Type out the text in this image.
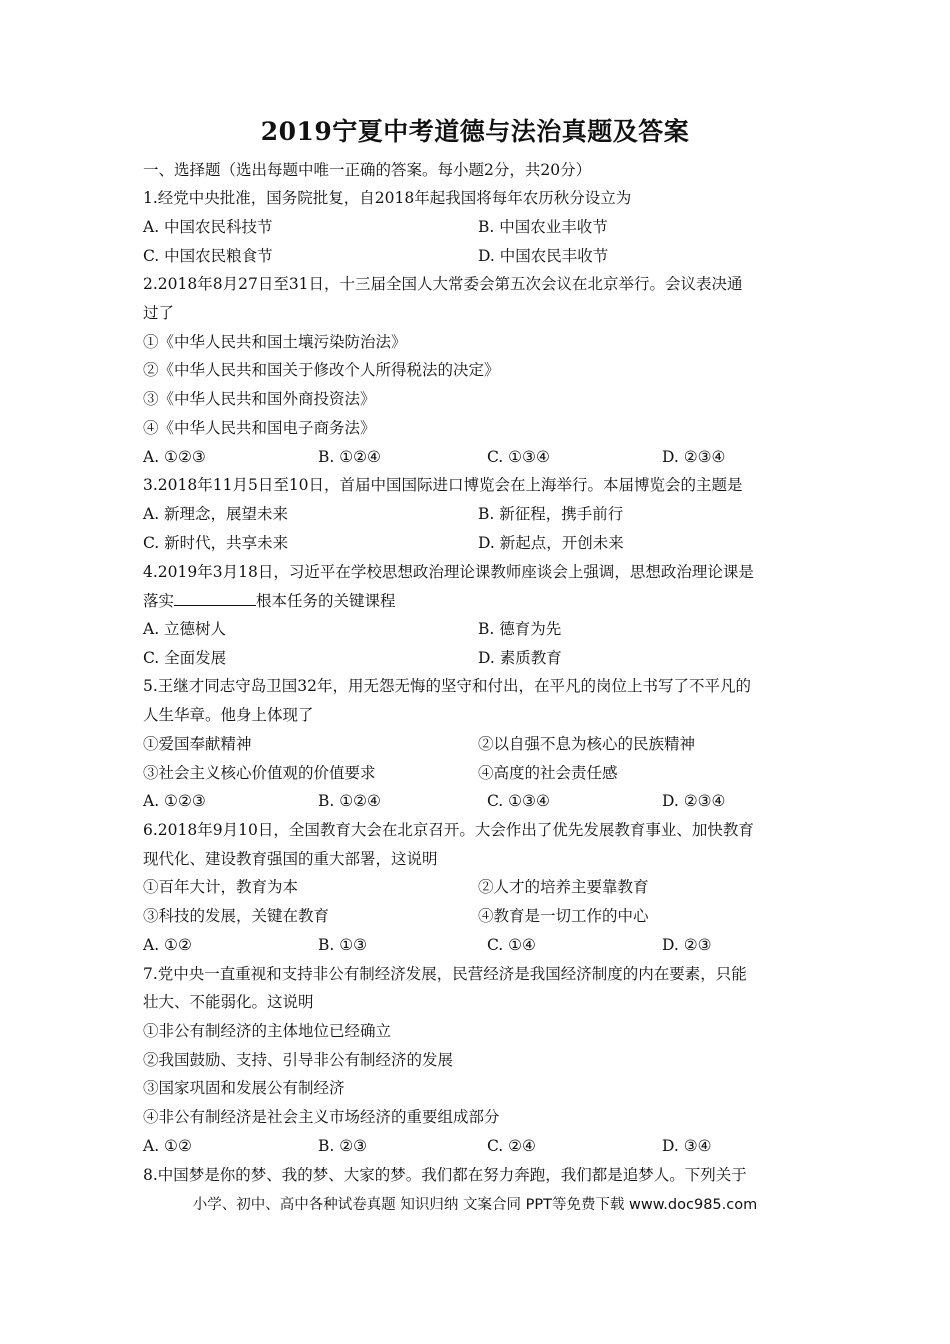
2019宁夏中考道德与法治真题及答案
一、选择题（选出每题中唯一正确的答案。每小题2分，共20分）
1.经党中央批准，国务院批复，自2018年起我国将每年农历秋分设立为
A. 中国农民科技节	B. 中国农业丰收节
C. 中国农民粮食节	D. 中国农民丰收节
2.2018年8月27日至31日，十三届全国人大常委会第五次会议在北京举行。会议表决通
过了
①《中华人民共和国土壤污染防治法》
②《中华人民共和国关于修改个人所得税法的决定》
③《中华人民共和国外商投资法》
④《中华人民共和国电子商务法》
A. ①②③	B. ①②④	C. ①③④	D. ②③④
3.2018年11月5日至10日，首届中国国际进口博览会在上海举行。本届博览会的主题是
A. 新理念，展望未来	B. 新征程，携手前行
C. 新时代，共享未来	D. 新起点，开创未来
4.2019年3月18日，习近平在学校思想政治理论课教师座谈会上强调，思想政治理论课是
落实	根本任务的关键课程
A. 立德树人	B. 德育为先
C. 全面发展	D. 素质教育
5.王继才同志守岛卫国32年，用无怨无悔的坚守和付出，在平凡的岗位上书写了不平凡的
人生华章。他身上体现了
①爱国奉献精神	②以自强不息为核心的民族精神
③社会主义核心价值观的价值要求	④高度的社会责任感
A. ①②③	B. ①②④	C. ①③④	D. ②③④
6.2018年9月10日，全国教育大会在北京召开。大会作出了优先发展教育事业、加快教育
现代化、建设教育强国的重大部署，这说明
①百年大计，教育为本	②人才的培养主要靠教育
③科技的发展，关键在教育	④教育是一切工作的中心
A. ①②	B. ①③	C. ①④	D. ②③
7.党中央一直重视和支持非公有制经济发展，民营经济是我国经济制度的内在要素，只能
壮大、不能弱化。这说明
①非公有制经济的主体地位已经确立
②我国鼓励、支持、引导非公有制经济的发展
③国家巩固和发展公有制经济
④非公有制经济是社会主义市场经济的重要组成部分
A. ①②	B. ②③	C. ②④	D. ③④
8.中国梦是你的梦、我的梦、大家的梦。我们都在努力奔跑，我们都是追梦人。下列关于
小学、初中、高中各种试卷真题 知识归纳 文案合同 PPT等免费下载 www.doc985.com
